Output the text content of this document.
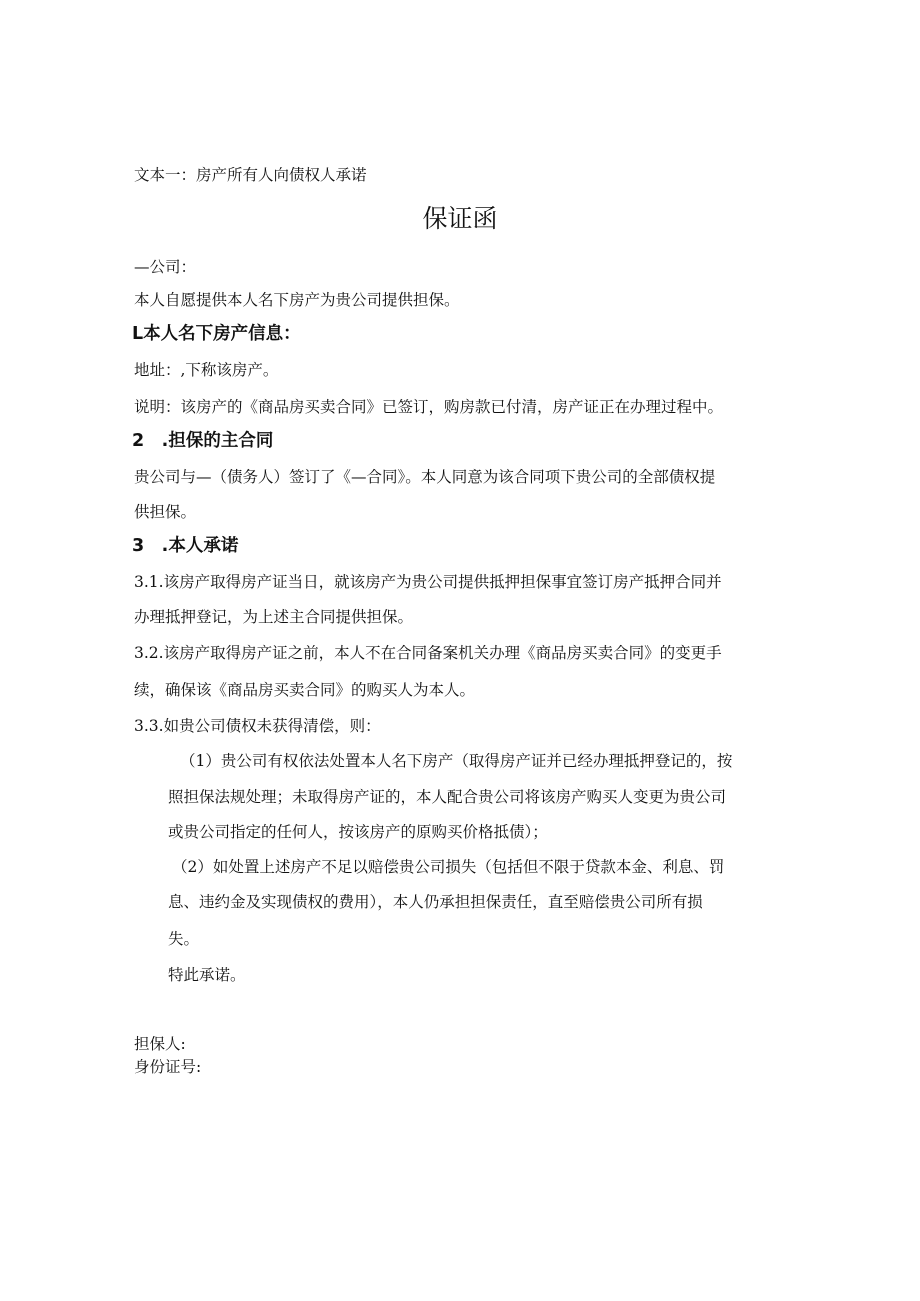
文本一：房产所有人向债权人承诺
保证函
—公司：
本人自愿提供本人名下房产为贵公司提供担保。
L本人名下房产信息：
地址：,下称该房产。
说明：该房产的《商品房买卖合同》已签订，购房款已付清，房产证正在办理过程中。
2　.担保的主合同
贵公司与—（债务人）签订了《—合同》。本人同意为该合同项下贵公司的全部债权提
供担保。
3　.本人承诺
3.1.该房产取得房产证当日，就该房产为贵公司提供抵押担保事宜签订房产抵押合同并
办理抵押登记，为上述主合同提供担保。
3.2.该房产取得房产证之前，本人不在合同备案机关办理《商品房买卖合同》的变更手
续，确保该《商品房买卖合同》的购买人为本人。
3.3.如贵公司债权未获得清偿，则：
（1）贵公司有权依法处置本人名下房产（取得房产证并已经办理抵押登记的，按
照担保法规处理；未取得房产证的，本人配合贵公司将该房产购买人变更为贵公司
或贵公司指定的任何人，按该房产的原购买价格抵债）；
（2）如处置上述房产不足以赔偿贵公司损失（包括但不限于贷款本金、利息、罚
息、违约金及实现债权的费用），本人仍承担担保责任，直至赔偿贵公司所有损
失。
特此承诺。
担保人:
身份证号:
